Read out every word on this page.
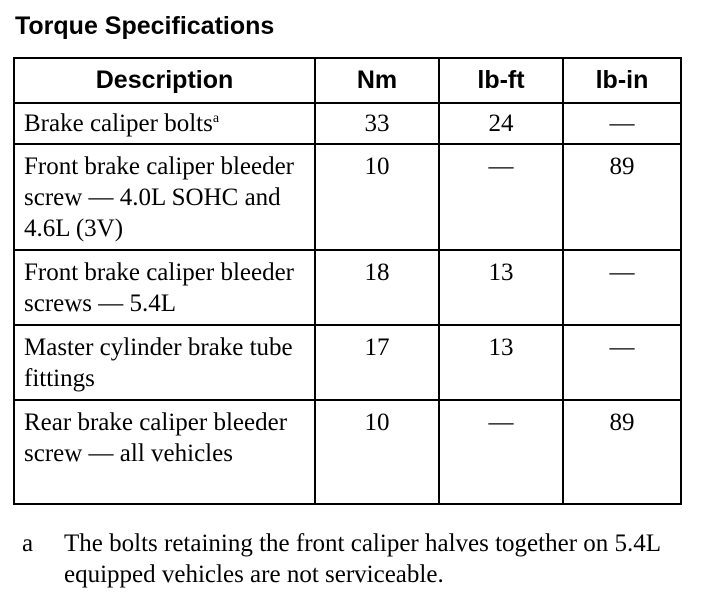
Torque Specifications
Description	Nm	lb-ft	lb-in
Brake caliper bolts$^a$	33	24	—
Front brake caliper bleeder screw — 4.0L SOHC and 4.6L (3V)	10	—	89
Front brake caliper bleeder screws — 5.4L	18	13	—
Master cylinder brake tube fittings	17	13	—
Rear brake caliper bleeder screw — all vehicles	10	—	89
a	The bolts retaining the front caliper halves together on 5.4L equipped vehicles are not serviceable.
